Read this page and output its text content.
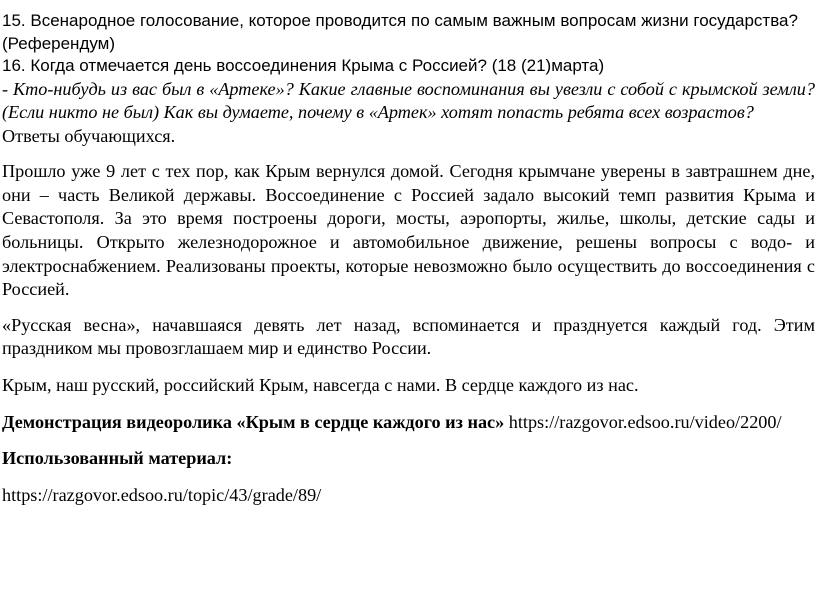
15. Всенародное голосование, которое проводится по самым важным вопросам жизни государства? (Референдум)

16. Когда отмечается день воссоединения Крыма с Россией? (18 (21)марта)

- Кто-нибудь из вас был в «Артеке»? Какие главные воспоминания вы увезли с собой с крымской земли? (Если никто не был) Как вы думаете, почему в «Артек» хотят попасть ребята всех возрастов?

Ответы обучающихся.

Прошло уже 9 лет с тех пор, как Крым вернулся домой. Сегодня крымчане уверены в завтрашнем дне, они – часть Великой державы. Воссоединение с Россией задало высокий темп развития Крыма и Севастополя. За это время построены дороги, мосты, аэропорты, жилье, школы, детские сады и больницы. Открыто железнодорожное и автомобильное движение, решены вопросы с водо- и электроснабжением. Реализованы проекты, которые невозможно было осуществить до воссоединения с Россией.

«Русская весна», начавшаяся девять лет назад, вспоминается и празднуется каждый год. Этим праздником мы провозглашаем мир и единство России.

Крым, наш русский, российский Крым, навсегда с нами. В сердце каждого из нас.

Демонстрация видеоролика «Крым в сердце каждого из нас» https://razgovor.edsoo.ru/video/2200/

Использованный материал:

https://razgovor.edsoo.ru/topic/43/grade/89/
